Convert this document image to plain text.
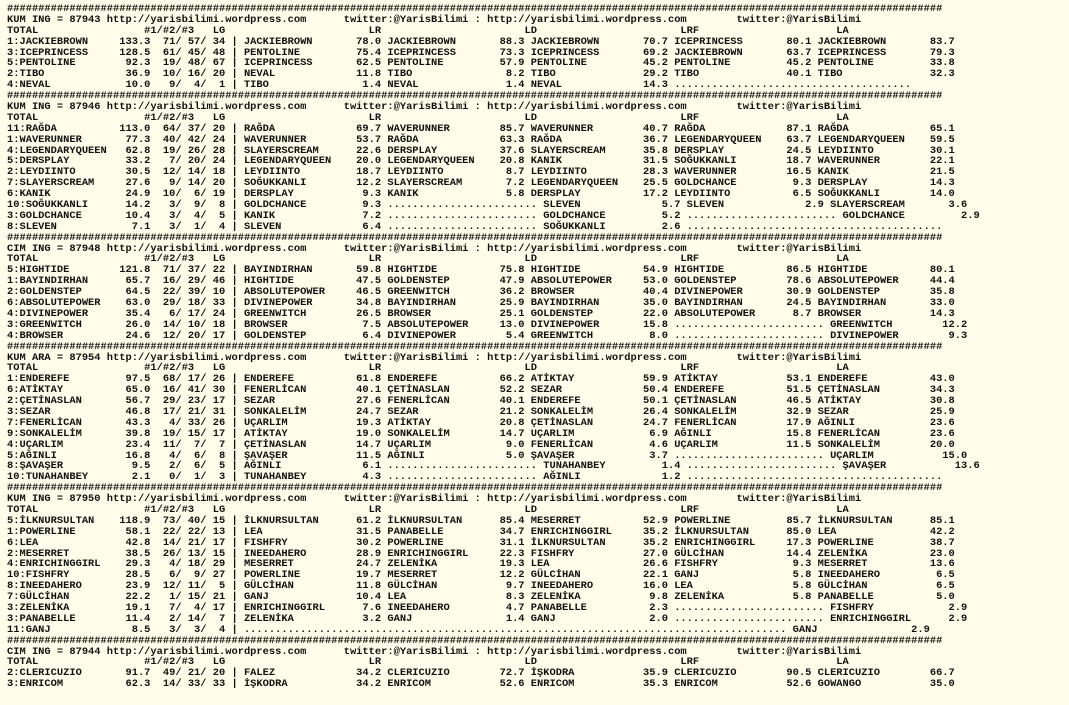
######################################################################################################################################################
KUM ING = 87943 http://yarisbilimi.wordpress.com      twitter:@YarisBilimi : http://yarisbilimi.wordpress.com        twitter:@YarisBilimi
TOTAL                 #1/#2/#3   LG                       LR                       LD                       LRF                      LA
1:JACKIEBROWN     133.3  71/ 57/ 34 | JACKIEBROWN       78.0 JACKIEBROWN       88.3 JACKIEBROWN       70.7 ICEPRINCESS       80.1 JACKIEBROWN       83.7
3:ICEPRINCESS     128.5  61/ 45/ 48 | PENTOLINE         75.4 ICEPRINCESS       73.3 ICEPRINCESS       69.2 JACKIEBROWN       63.7 ICEPRINCESS       79.3
5:PENTOLINE        92.3  19/ 48/ 67 | ICEPRINCESS       62.5 PENTOLINE         57.9 PENTOLINE         45.2 PENTOLINE         45.2 PENTOLINE         33.8
2:TIBO             36.9  10/ 16/ 20 | NEVAL             11.8 TIBO               8.2 TIBO              29.2 TIBO              40.1 TIBO              32.3
4:NEVAL            10.0   9/  4/  1 | TIBO               1.4 NEVAL              1.4 NEVAL             14.3 ......................................
######################################################################################################################################################
KUM ING = 87946 http://yarisbilimi.wordpress.com      twitter:@YarisBilimi : http://yarisbilimi.wordpress.com        twitter:@YarisBilimi
TOTAL                 #1/#2/#3   LG                       LR                       LD                       LRF                      LA
11:RAĞDA          113.0  64/ 37/ 20 | RAĞDA             69.7 WAVERUNNER        85.7 WAVERUNNER        40.7 RAĞDA             87.1 RAĞDA             65.1
1:WAVERUNNER       77.3  40/ 42/ 24 | WAVERUNNER        53.7 RAĞDA             63.3 RAĞDA             36.7 LEGENDARYQUEEN    63.7 LEGENDARYQUEEN    59.5
4:LEGENDARYQUEEN   62.8  19/ 26/ 28 | SLAYERSCREAM      22.6 DERSPLAY          37.6 SLAYERSCREAM      35.8 DERSPLAY          24.5 LEYDIINTO         30.1
5:DERSPLAY         33.2   7/ 20/ 24 | LEGENDARYQUEEN    20.0 LEGENDARYQUEEN    20.8 KANIK             31.5 SOĞUKKANLI        18.7 WAVERUNNER        22.1
2:LEYDIINTO        30.5  12/ 14/ 18 | LEYDIINTO         18.7 LEYDIINTO          8.7 LEYDIINTO         28.3 WAVERUNNER        16.5 KANIK             21.5
7:SLAYERSCREAM     27.6   9/ 14/ 20 | SOĞUKKANLI        12.2 SLAYERSCREAM       7.2 LEGENDARYQUEEN    25.5 GOLDCHANCE         9.3 DERSPLAY          14.3
6:KANIK            24.9  10/  6/ 19 | DERSPLAY           9.3 KANIK              5.8 DERSPLAY          17.2 LEYDIINTO          6.5 SOĞUKKANLI        14.0
10:SOĞUKKANLI      14.2   3/  9/  8 | GOLDCHANCE         9.3 ........................ SLEVEN             5.7 SLEVEN             2.9 SLAYERSCREAM       3.6
3:GOLDCHANCE       10.4   3/  4/  5 | KANIK              7.2 ........................ GOLDCHANCE         5.2 ........................ GOLDCHANCE         2.9
8:SLEVEN            7.1   3/  1/  4 | SLEVEN             6.4 ........................ SOĞUKKANLI         2.6 .........................................
######################################################################################################################################################
CIM ING = 87948 http://yarisbilimi.wordpress.com      twitter:@YarisBilimi : http://yarisbilimi.wordpress.com        twitter:@YarisBilimi
TOTAL                 #1/#2/#3   LG                       LR                       LD                       LRF                      LA
5:HIGHTIDE        121.8  71/ 37/ 22 | BAYINDIRHAN       59.8 HIGHTIDE          75.8 HIGHTIDE          54.9 HIGHTIDE          86.5 HIGHTIDE          80.1
1:BAYINDIRHAN      65.7  16/ 29/ 46 | HIGHTIDE          47.5 GOLDENSTEP        47.9 ABSOLUTEPOWER     53.0 GOLDENSTEP        78.6 ABSOLUTEPOWER     44.4
2:GOLDENSTEP       64.5  22/ 39/ 10 | ABSOLUTEPOWER     46.5 GREENWITCH        36.2 BROWSER           40.4 DIVINEPOWER       30.9 GOLDENSTEP        35.8
6:ABSOLUTEPOWER    63.0  29/ 18/ 33 | DIVINEPOWER       34.8 BAYINDIRHAN       25.9 BAYINDIRHAN       35.0 BAYINDIRHAN       24.5 BAYINDIRHAN       33.0
4:DIVINEPOWER      35.4   6/ 17/ 24 | GREENWITCH        26.5 BROWSER           25.1 GOLDENSTEP        22.0 ABSOLUTEPOWER      8.7 BROWSER           14.3
3:GREENWITCH       26.0  14/ 10/ 18 | BROWSER            7.5 ABSOLUTEPOWER     13.0 DIVINEPOWER       15.8 ........................ GREENWITCH        12.2
4:BROWSER          24.6  12/ 20/ 17 | GOLDENSTEP         6.4 DIVINEPOWER        5.4 GREENWITCH         8.0 ........................ DIVINEPOWER        9.3
######################################################################################################################################################
KUM ARA = 87954 http://yarisbilimi.wordpress.com      twitter:@YarisBilimi : http://yarisbilimi.wordpress.com        twitter:@YarisBilimi
TOTAL                 #1/#2/#3   LG                       LR                       LD                       LRF                      LA
1:ENDEREFE         97.5  68/ 17/ 26 | ENDEREFE          61.8 ENDEREFE          66.2 ATİKTAY           59.9 ATİKTAY           53.1 ENDEREFE          43.0
6:ATİKTAY          65.0  16/ 41/ 30 | FENERLİCAN        40.1 ÇETİNASLAN        52.2 SEZAR             50.4 ENDEREFE          51.5 ÇETİNASLAN        34.3
2:ÇETİNASLAN       56.7  29/ 23/ 17 | SEZAR             27.6 FENERLİCAN        40.1 ENDEREFE          50.1 ÇETİNASLAN        46.5 ATİKTAY           30.8
3:SEZAR            46.8  17/ 21/ 31 | SONKALELİM        24.7 SEZAR             21.2 SONKALELİM        26.4 SONKALELİM        32.9 SEZAR             25.9
7:FENERLİCAN       43.3   4/ 33/ 26 | UÇARLIM           19.3 ATİKTAY           20.8 ÇETİNASLAN        24.7 FENERLİCAN        17.9 AĞINLI            23.6
9:SONKALELİM       39.8  19/ 15/ 17 | ATİKTAY           19.0 SONKALELİM        14.7 UÇARLIM            6.9 AĞINLI            15.8 FENERLİCAN        23.6
4:UÇARLIM          23.4  11/  7/  7 | ÇETİNASLAN        14.7 UÇARLIM            9.0 FENERLİCAN         4.6 UÇARLIM           11.5 SONKALELİM        20.0
5:AĞINLI           16.8   4/  6/  8 | ŞAVAŞER           11.5 AĞINLI             5.0 ŞAVAŞER            3.7 ........................ UÇARLIM           15.0
8:ŞAVAŞER           9.5   2/  6/  5 | AĞINLI             6.1 ........................ TUNAHANBEY         1.4 ........................ ŞAVAŞER           13.6
10:TUNAHANBEY       2.1   0/  1/  3 | TUNAHANBEY         4.3 ........................ AĞINLI             1.2 .........................................
######################################################################################################################################################
KUM ING = 87950 http://yarisbilimi.wordpress.com      twitter:@YarisBilimi : http://yarisbilimi.wordpress.com        twitter:@YarisBilimi
TOTAL                 #1/#2/#3   LG                       LR                       LD                       LRF                      LA
5:İLKNURSULTAN    118.9  73/ 40/ 15 | İLKNURSULTAN      61.2 İLKNURSULTAN      85.4 MESERRET          52.9 POWERLINE         85.7 İLKNURSULTAN      85.1
1:POWERLINE        58.1  22/ 22/ 13 | LEA               31.5 PANABELLE         34.7 ENRICHINGGIRL     35.2 İLKNURSULTAN      85.0 LEA               42.2
6:LEA              42.8  14/ 21/ 17 | FISHFRY           30.2 POWERLINE         31.1 İLKNURSULTAN      35.2 ENRICHINGGIRL     17.3 POWERLINE         38.7
2:MESERRET         38.5  26/ 13/ 15 | INEEDAHERO        28.9 ENRICHINGGIRL     22.3 FISHFRY           27.0 GÜLCİHAN          14.4 ZELENİKA          23.0
4:ENRICHINGGIRL    29.3   4/ 18/ 29 | MESERRET          24.7 ZELENİKA          19.3 LEA               26.6 FISHFRY            9.3 MESERRET          13.6
10:FISHFRY         28.5   6/  9/ 27 | POWERLINE         19.7 MESERRET          12.2 GÜLCİHAN          22.1 GANJ               5.8 INEEDAHERO         6.5
8:INEEDAHERO       23.9  12/ 11/  5 | GÜLCİHAN          11.8 GÜLCİHAN           9.7 INEEDAHERO        16.0 LEA                5.8 GÜLCİHAN           6.5
7:GÜLCİHAN         22.2   1/ 15/ 21 | GANJ              10.4 LEA                8.3 ZELENİKA           9.8 ZELENİKA           5.8 PANABELLE          5.0
3:ZELENİKA         19.1   7/  4/ 17 | ENRICHINGGIRL      7.6 INEEDAHERO         4.7 PANABELLE          2.3 ........................ FISHFRY            2.9
3:PANABELLE        11.4   2/ 14/  7 | ZELENİKA           3.2 GANJ               1.4 GANJ               2.0 ........................ ENRICHINGGIRL      2.9
11:GANJ             8.5   3/  3/  4 | ....................................................................................... GANJ               2.9
######################################################################################################################################################
CIM ING = 87944 http://yarisbilimi.wordpress.com      twitter:@YarisBilimi : http://yarisbilimi.wordpress.com        twitter:@YarisBilimi
TOTAL                 #1/#2/#3   LG                       LR                       LD                       LRF                      LA
2:CLERICUZIO       91.7  49/ 21/ 20 | FALEZ             34.2 CLERICUZIO        72.7 İŞKODRA           35.9 CLERICUZIO        90.5 CLERICUZIO        66.7
3:ENRICOM          62.3  14/ 33/ 33 | İŞKODRA           34.2 ENRICOM           52.6 ENRICOM           35.3 ENRICOM           52.6 GOWANGO           35.0
